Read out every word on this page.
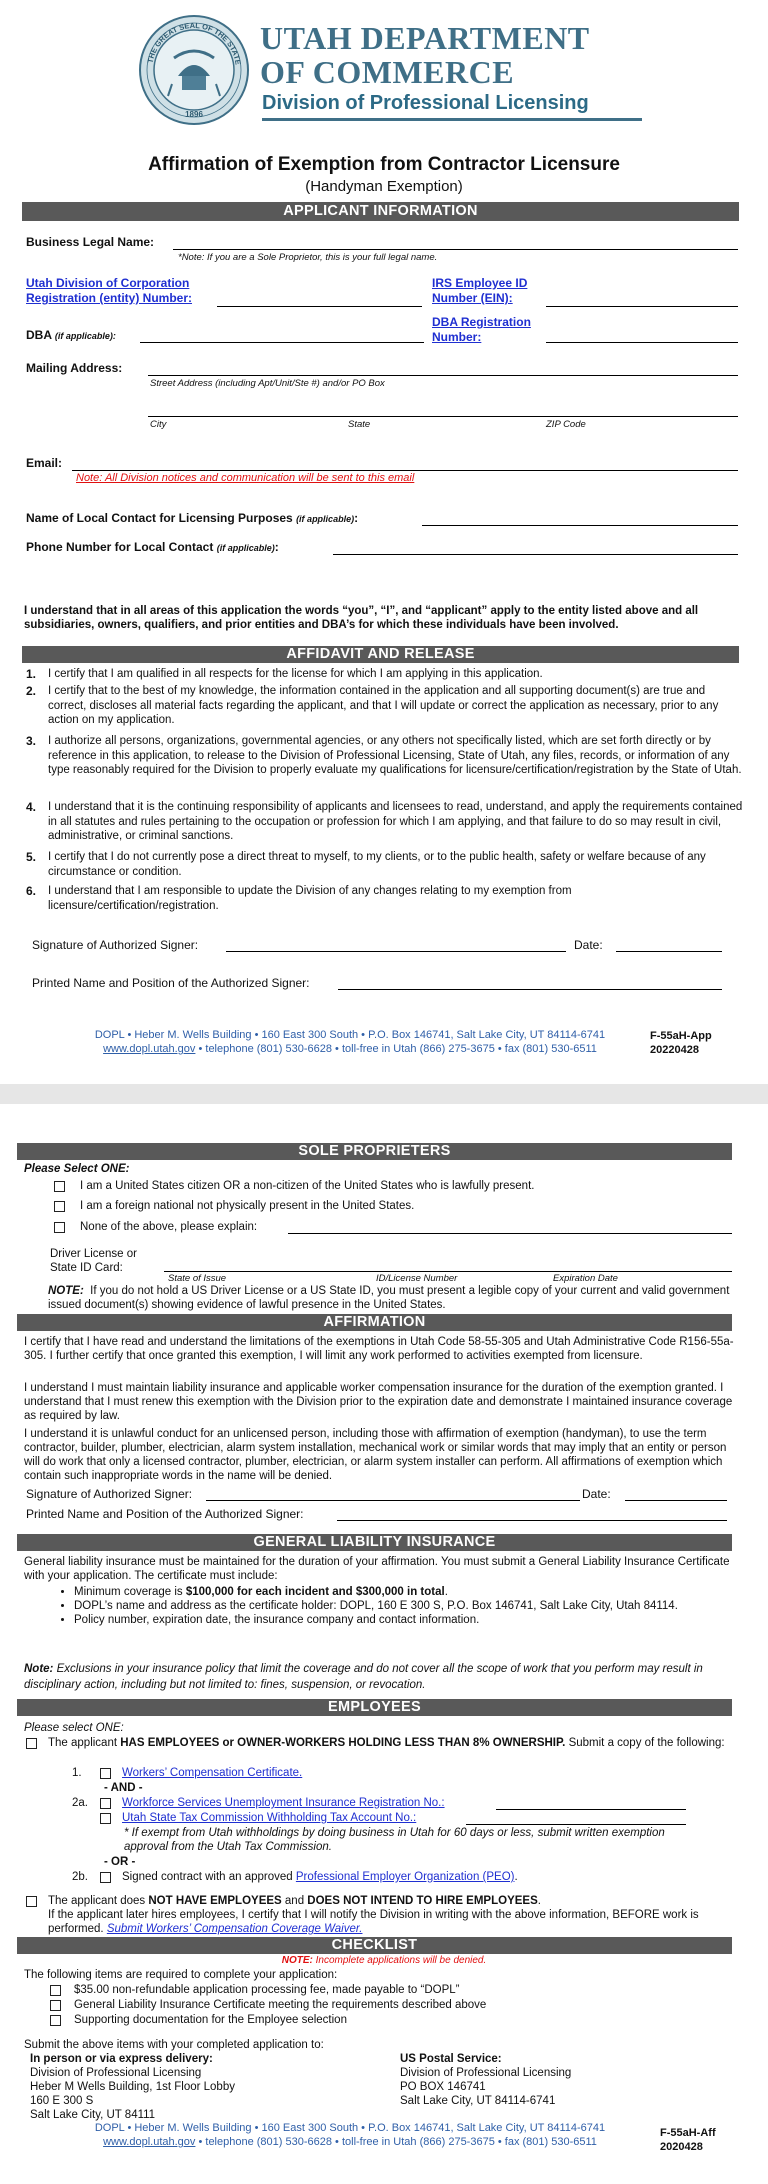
THE GREAT SEAL OF THE STATE
1896
UTAH DEPARTMENT
OF COMMERCE
Division of Professional Licensing
Affirmation of Exemption from Contractor Licensure
(Handyman Exemption)
APPLICANT INFORMATION
Business Legal Name:
*Note: If you are a Sole Proprietor, this is your full legal name.
Utah Division of Corporation Registration (entity) Number:
IRS Employee ID Number (EIN):
DBA (if applicable):
DBA Registration Number:
Mailing Address:
Street Address (including Apt/Unit/Ste #) and/or PO Box
City	State	ZIP Code
Email:
Note: All Division notices and communication will be sent to this email
Name of Local Contact for Licensing Purposes (if applicable):
Phone Number for Local Contact (if applicable):
I understand that in all areas of this application the words “you”, “I”, and “applicant” apply to the entity listed above and all subsidiaries, owners, qualifiers, and prior entities and DBA’s for which these individuals have been involved.
AFFIDAVIT AND RELEASE
1. I certify that I am qualified in all respects for the license for which I am applying in this application.
2. I certify that to the best of my knowledge, the information contained in the application and all supporting document(s) are true and correct, discloses all material facts regarding the applicant, and that I will update or correct the application as necessary, prior to any action on my application.
3. I authorize all persons, organizations, governmental agencies, or any others not specifically listed, which are set forth directly or by reference in this application, to release to the Division of Professional Licensing, State of Utah, any files, records, or information of any type reasonably required for the Division to properly evaluate my qualifications for licensure/certification/registration by the State of Utah.
4. I understand that it is the continuing responsibility of applicants and licensees to read, understand, and apply the requirements contained in all statutes and rules pertaining to the occupation or profession for which I am applying, and that failure to do so may result in civil, administrative, or criminal sanctions.
5. I certify that I do not currently pose a direct threat to myself, to my clients, or to the public health, safety or welfare because of any circumstance or condition.
6. I understand that I am responsible to update the Division of any changes relating to my exemption from licensure/certification/registration.
Signature of Authorized Signer:	Date:
Printed Name and Position of the Authorized Signer:
DOPL • Heber M. Wells Building • 160 East 300 South • P.O. Box 146741, Salt Lake City, UT 84114-6741
www.dopl.utah.gov • telephone (801) 530-6628 • toll-free in Utah (866) 275-3675 • fax (801) 530-6511
F-55aH-App
20220428
SOLE PROPRIETERS
Please Select ONE:
I am a United States citizen OR a non-citizen of the United States who is lawfully present.
I am a foreign national not physically present in the United States.
None of the above, please explain:
Driver License or
State ID Card:
State of Issue	ID/License Number	Expiration Date
NOTE: If you do not hold a US Driver License or a US State ID, you must present a legible copy of your current and valid government issued document(s) showing evidence of lawful presence in the United States.
AFFIRMATION
I certify that I have read and understand the limitations of the exemptions in Utah Code 58-55-305 and Utah Administrative Code R156-55a-305. I further certify that once granted this exemption, I will limit any work performed to activities exempted from licensure.
I understand I must maintain liability insurance and applicable worker compensation insurance for the duration of the exemption granted. I understand that I must renew this exemption with the Division prior to the expiration date and demonstrate I maintained insurance coverage as required by law.
I understand it is unlawful conduct for an unlicensed person, including those with affirmation of exemption (handyman), to use the term contractor, builder, plumber, electrician, alarm system installation, mechanical work or similar words that may imply that an entity or person will do work that only a licensed contractor, plumber, electrician, or alarm system installer can perform. All affirmations of exemption which contain such inappropriate words in the name will be denied.
Signature of Authorized Signer:	Date:
Printed Name and Position of the Authorized Signer:
GENERAL LIABILITY INSURANCE
General liability insurance must be maintained for the duration of your affirmation. You must submit a General Liability Insurance Certificate with your application. The certificate must include:
• Minimum coverage is $100,000 for each incident and $300,000 in total.
• DOPL’s name and address as the certificate holder: DOPL, 160 E 300 S, P.O. Box 146741, Salt Lake City, Utah 84114.
• Policy number, expiration date, the insurance company and contact information.
Note: Exclusions in your insurance policy that limit the coverage and do not cover all the scope of work that you perform may result in disciplinary action, including but not limited to: fines, suspension, or revocation.
EMPLOYEES
Please select ONE:
The applicant HAS EMPLOYEES or OWNER-WORKERS HOLDING LESS THAN 8% OWNERSHIP. Submit a copy of the following:
1.	Workers’ Compensation Certificate.
- AND -
2a.	Workforce Services Unemployment Insurance Registration No.:
Utah State Tax Commission Withholding Tax Account No.:
* If exempt from Utah withholdings by doing business in Utah for 60 days or less, submit written exemption approval from the Utah Tax Commission.
- OR -
2b.	Signed contract with an approved Professional Employer Organization (PEO).
The applicant does NOT HAVE EMPLOYEES and DOES NOT INTEND TO HIRE EMPLOYEES.
If the applicant later hires employees, I certify that I will notify the Division in writing with the above information, BEFORE work is performed. Submit Workers’ Compensation Coverage Waiver.
CHECKLIST
NOTE: Incomplete applications will be denied.
The following items are required to complete your application:
$35.00 non-refundable application processing fee, made payable to “DOPL”
General Liability Insurance Certificate meeting the requirements described above
Supporting documentation for the Employee selection
Submit the above items with your completed application to:
In person or via express delivery:
Division of Professional Licensing
Heber M Wells Building, 1st Floor Lobby
160 E 300 S
Salt Lake City, UT 84111
US Postal Service:
Division of Professional Licensing
PO BOX 146741
Salt Lake City, UT 84114-6741
DOPL • Heber M. Wells Building • 160 East 300 South • P.O. Box 146741, Salt Lake City, UT 84114-6741
www.dopl.utah.gov • telephone (801) 530-6628 • toll-free in Utah (866) 275-3675 • fax (801) 530-6511
F-55aH-Aff
2020428
